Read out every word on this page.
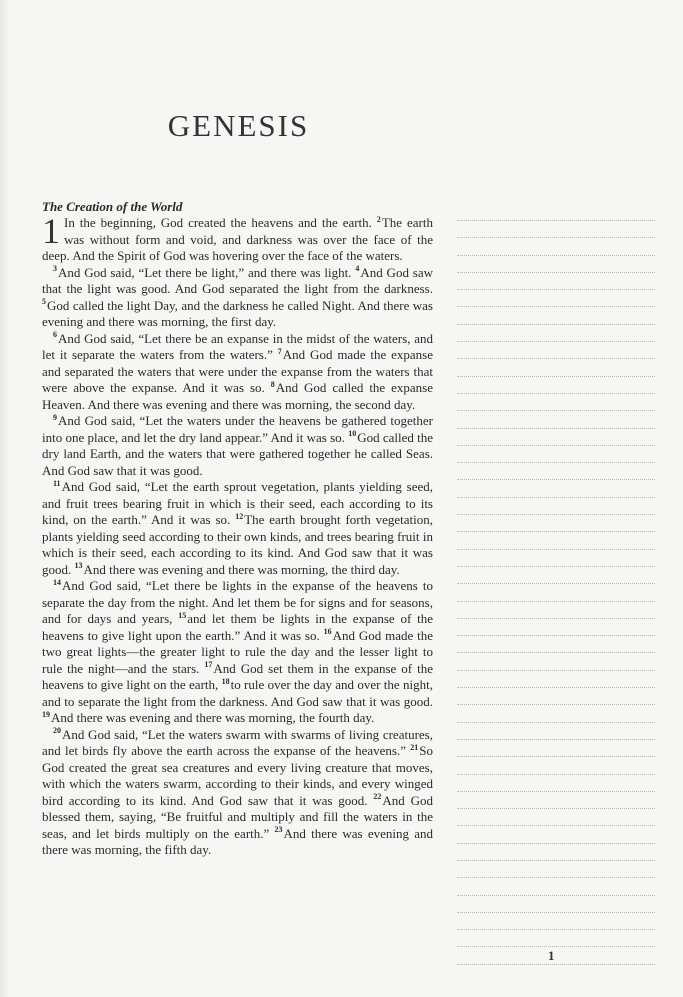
GENESIS
The Creation of the World

1 In the beginning, God created the heavens and the earth. $^2$The earth was without form and void, and darkness was over the face of the deep. And the Spirit of God was hovering over the face of the waters.

$^3$And God said, “Let there be light,” and there was light. $^4$And God saw that the light was good. And God separated the light from the darkness. $^5$God called the light Day, and the darkness he called Night. And there was evening and there was morning, the first day.

$^6$And God said, “Let there be an expanse in the midst of the waters, and let it separate the waters from the waters.” $^7$And God made the expanse and separated the waters that were under the expanse from the waters that were above the expanse. And it was so. $^8$And God called the expanse Heaven. And there was evening and there was morning, the second day.

$^9$And God said, “Let the waters under the heavens be gathered together into one place, and let the dry land appear.” And it was so. $^{10}$God called the dry land Earth, and the waters that were gathered together he called Seas. And God saw that it was good.

$^{11}$And God said, “Let the earth sprout vegetation, plants yielding seed, and fruit trees bearing fruit in which is their seed, each according to its kind, on the earth.” And it was so. $^{12}$The earth brought forth vegetation, plants yielding seed according to their own kinds, and trees bearing fruit in which is their seed, each according to its kind. And God saw that it was good. $^{13}$And there was evening and there was morning, the third day.

$^{14}$And God said, “Let there be lights in the expanse of the heavens to separate the day from the night. And let them be for signs and for seasons, and for days and years, $^{15}$and let them be lights in the expanse of the heavens to give light upon the earth.” And it was so. $^{16}$And God made the two great lights—the greater light to rule the day and the lesser light to rule the night—and the stars. $^{17}$And God set them in the expanse of the heavens to give light on the earth, $^{18}$to rule over the day and over the night, and to separate the light from the darkness. And God saw that it was good. $^{19}$And there was evening and there was morning, the fourth day.

$^{20}$And God said, “Let the waters swarm with swarms of living creatures, and let birds fly above the earth across the expanse of the heavens.” $^{21}$So God created the great sea creatures and every living creature that moves, with which the waters swarm, according to their kinds, and every winged bird according to its kind. And God saw that it was good. $^{22}$And God blessed them, saying, “Be fruitful and multiply and fill the waters in the seas, and let birds multiply on the earth.” $^{23}$And there was evening and there was morning, the fifth day.

1
